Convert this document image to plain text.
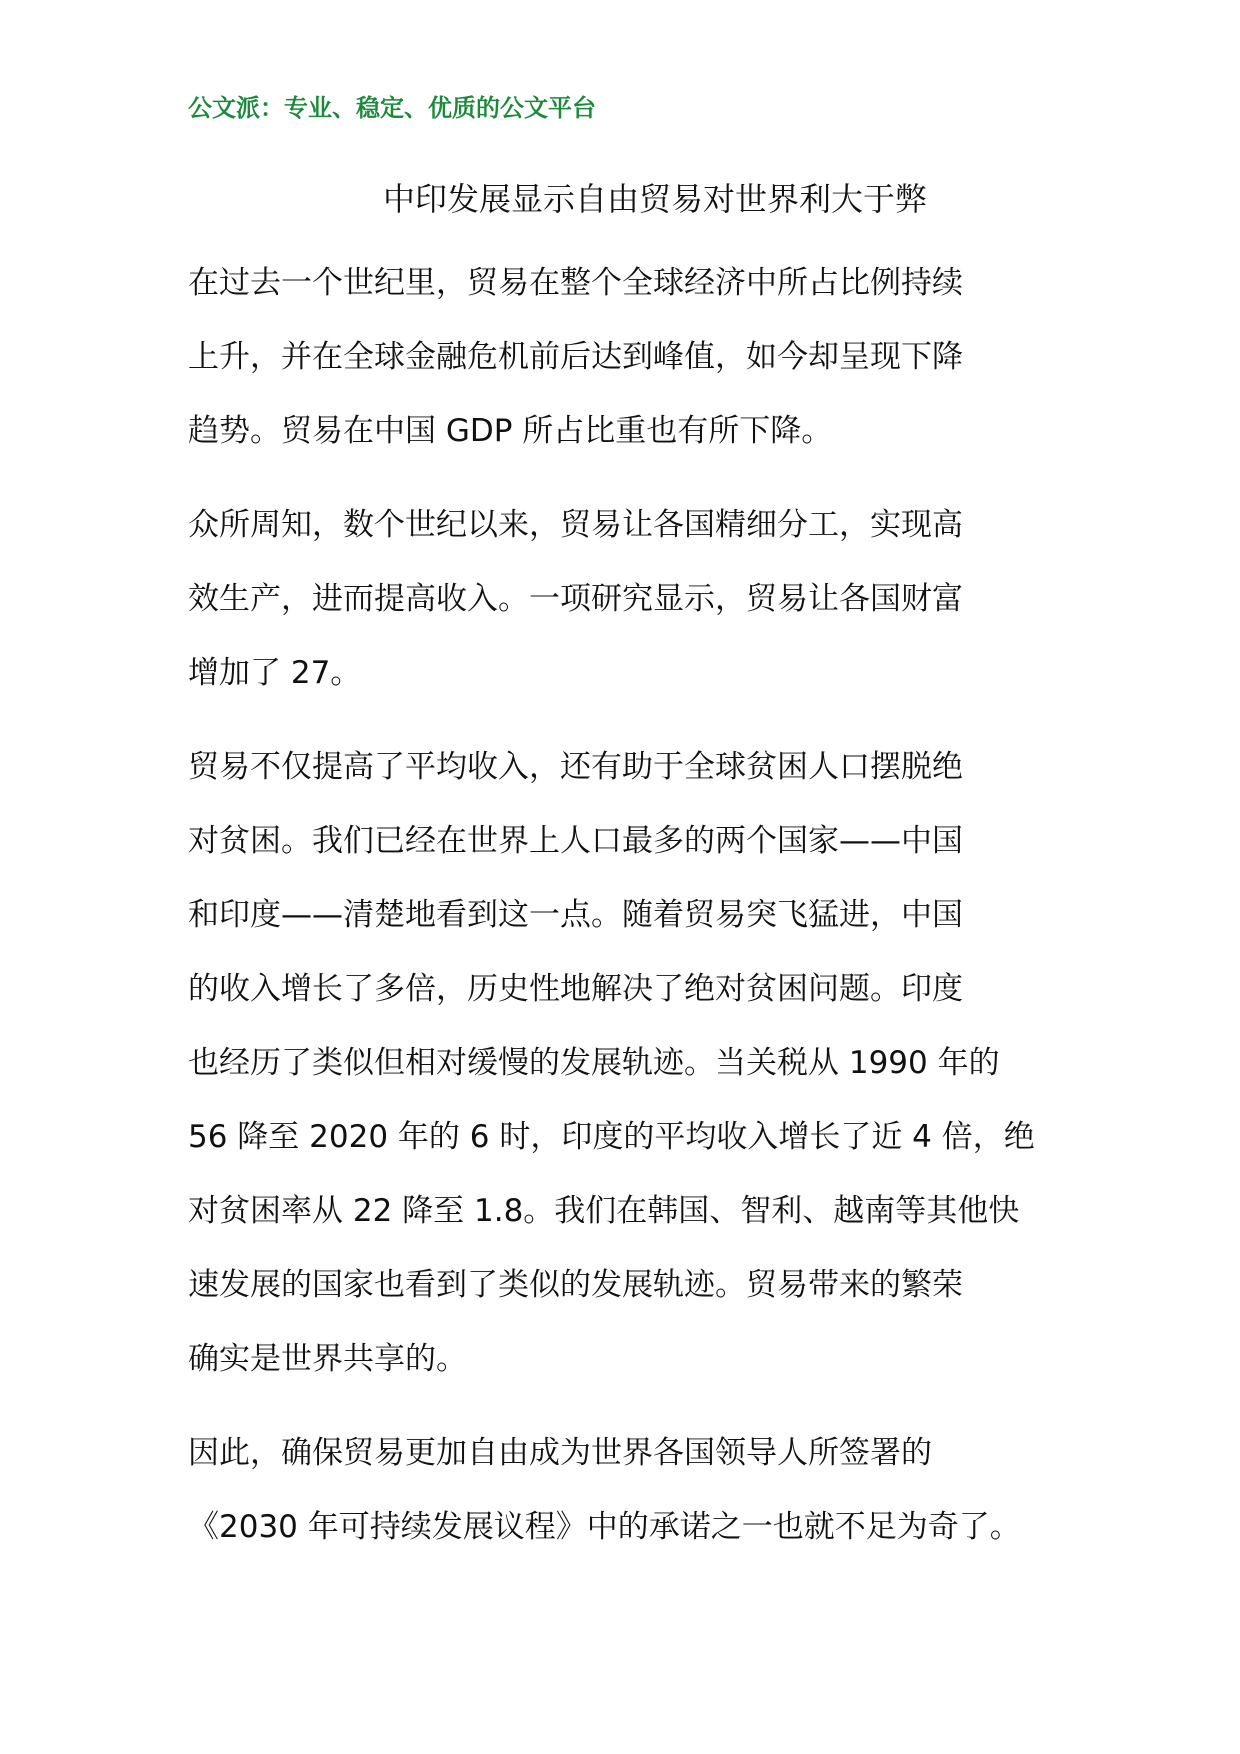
公文派：专业、稳定、优质的公文平台
中印发展显示自由贸易对世界利大于弊
在过去一个世纪里，贸易在整个全球经济中所占比例持续
上升，并在全球金融危机前后达到峰值，如今却呈现下降
趋势。贸易在中国 GDP 所占比重也有所下降。
众所周知，数个世纪以来，贸易让各国精细分工，实现高
效生产，进而提高收入。一项研究显示，贸易让各国财富
增加了 27。
贸易不仅提高了平均收入，还有助于全球贫困人口摆脱绝
对贫困。我们已经在世界上人口最多的两个国家——中国
和印度——清楚地看到这一点。随着贸易突飞猛进，中国
的收入增长了多倍，历史性地解决了绝对贫困问题。印度
也经历了类似但相对缓慢的发展轨迹。当关税从 1990 年的
56 降至 2020 年的 6 时，印度的平均收入增长了近 4 倍，绝
对贫困率从 22 降至 1.8。我们在韩国、智利、越南等其他快
速发展的国家也看到了类似的发展轨迹。贸易带来的繁荣
确实是世界共享的。
因此，确保贸易更加自由成为世界各国领导人所签署的
《2030 年可持续发展议程》中的承诺之一也就不足为奇了。
